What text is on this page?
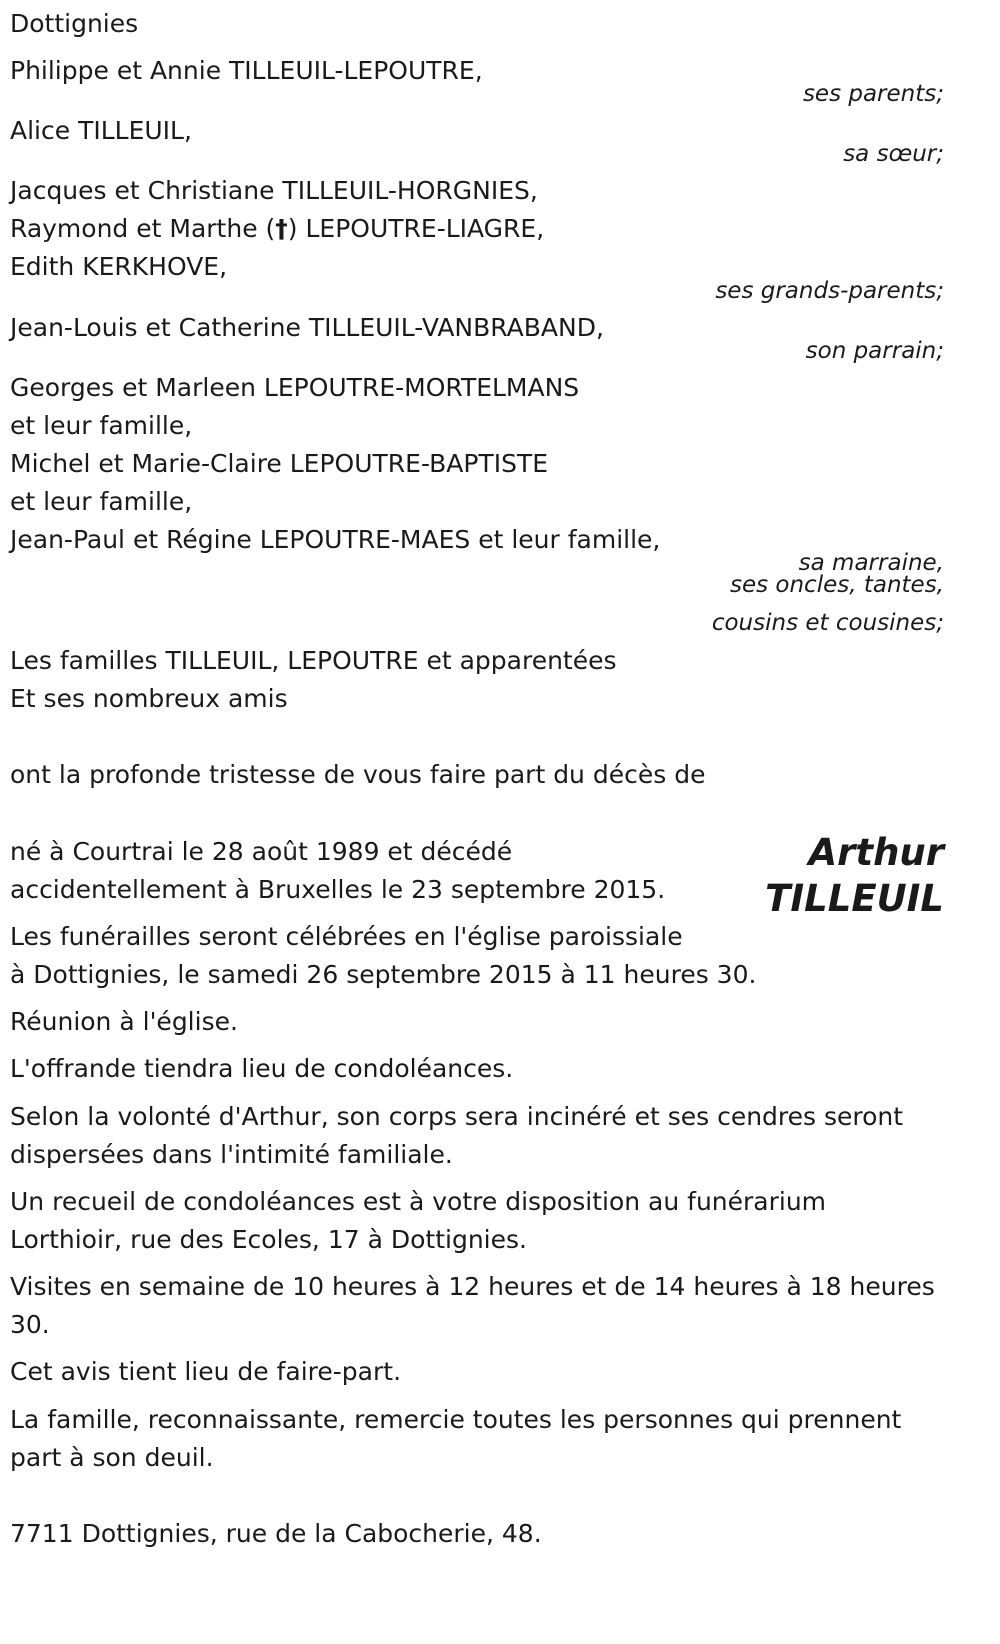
Dottignies
Philippe et Annie TILLEUIL-LEPOUTRE,
ses parents;
Alice TILLEUIL,
sa sœur;
Jacques et Christiane TILLEUIL-HORGNIES,
Raymond et Marthe (†) LEPOUTRE-LIAGRE,
Edith KERKHOVE,
ses grands-parents;
Jean-Louis et Catherine TILLEUIL-VANBRABAND,
son parrain;
Georges et Marleen LEPOUTRE-MORTELMANS
et leur famille,
Michel et Marie-Claire LEPOUTRE-BAPTISTE
et leur famille,
Jean-Paul et Régine LEPOUTRE-MAES et leur famille,
sa marraine,
ses oncles, tantes,
cousins et cousines;
Les familles TILLEUIL, LEPOUTRE et apparentées
Et ses nombreux amis
ont la profonde tristesse de vous faire part du décès de
Arthur
TILLEUIL
né à Courtrai le 28 août 1989 et décédé
accidentellement à Bruxelles le 23 septembre 2015.
Les funérailles seront célébrées en l'église paroissiale
à Dottignies, le samedi 26 septembre 2015 à 11 heures 30.
Réunion à l'église.
L'offrande tiendra lieu de condoléances.
Selon la volonté d'Arthur, son corps sera incinéré et ses cendres seront
dispersées dans l'intimité familiale.
Un recueil de condoléances est à votre disposition au funérarium
Lorthioir, rue des Ecoles, 17 à Dottignies.
Visites en semaine de 10 heures à 12 heures et de 14 heures à 18 heures
30.
Cet avis tient lieu de faire-part.
La famille, reconnaissante, remercie toutes les personnes qui prennent
part à son deuil.
7711 Dottignies, rue de la Cabocherie, 48.
